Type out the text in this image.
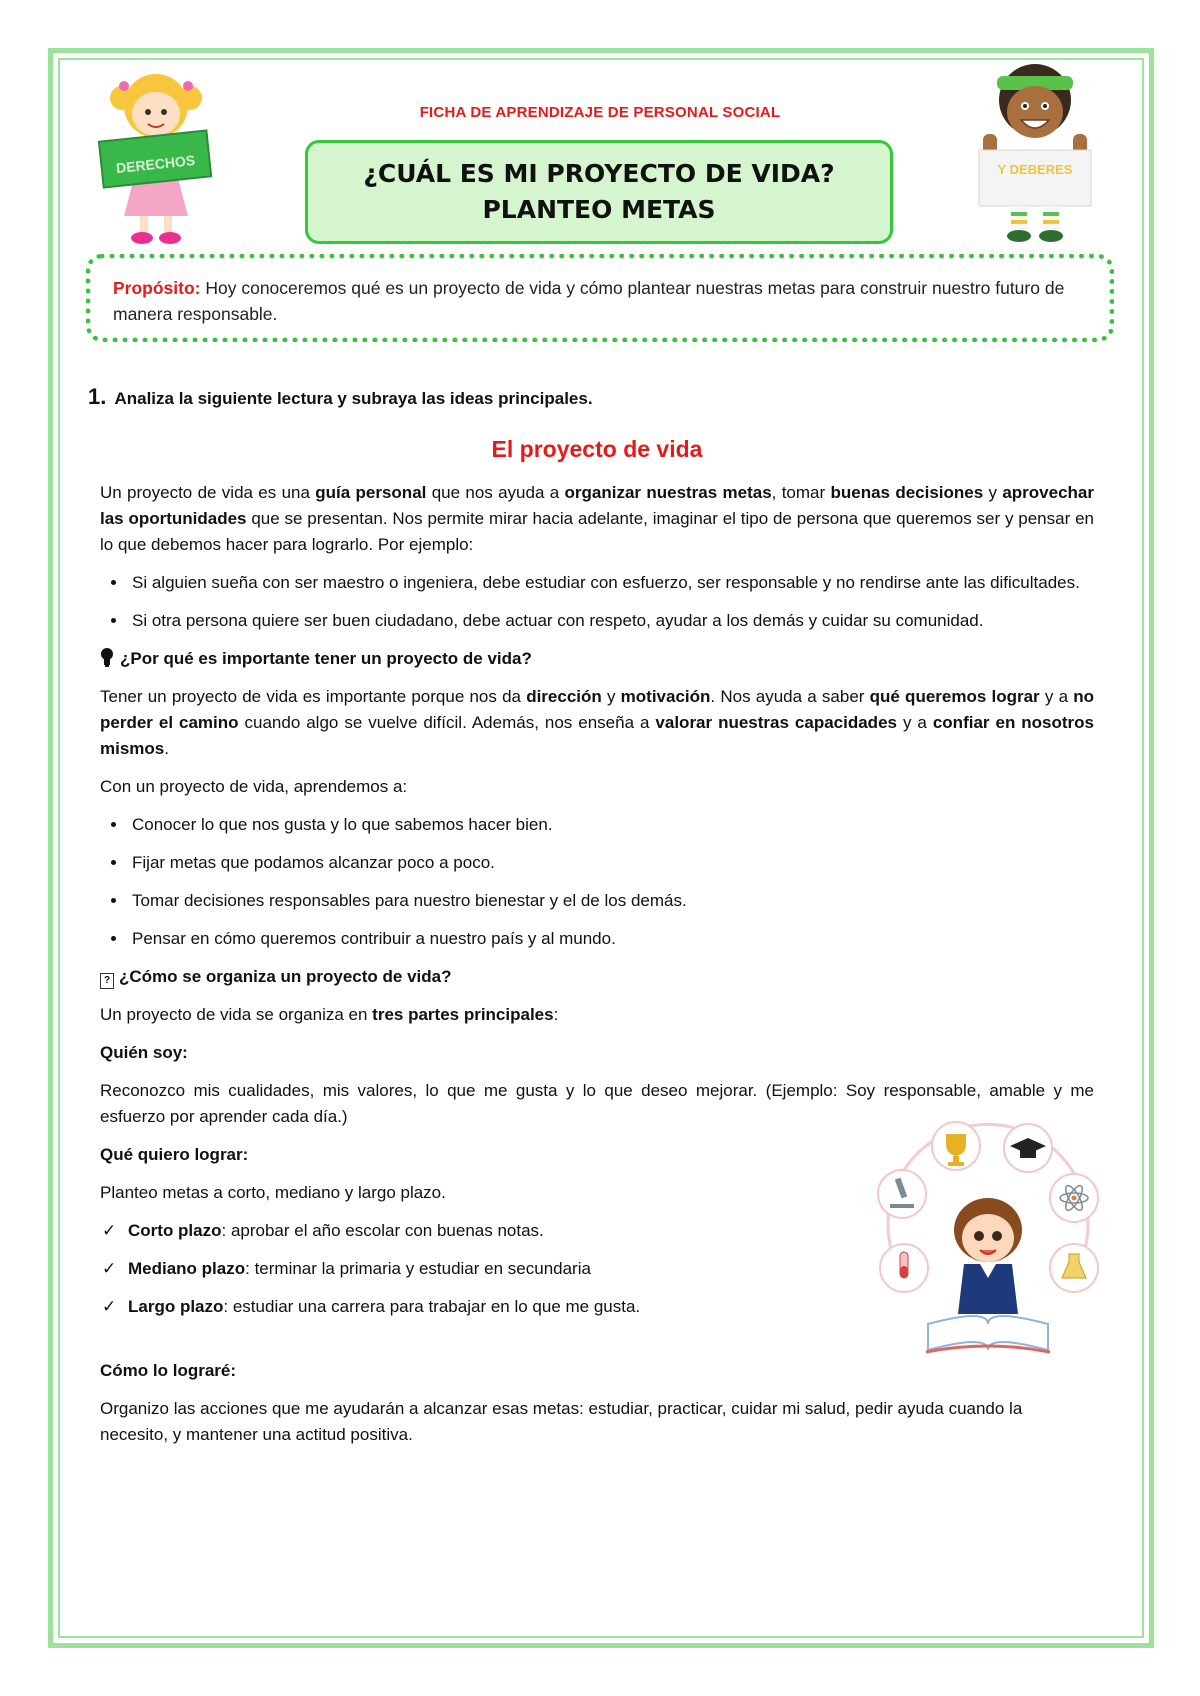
DERECHOS	Y DEBERES
FICHA DE APRENDIZAJE DE PERSONAL SOCIAL
¿CUÁL ES MI PROYECTO DE VIDA?
PLANTEO METAS
Propósito: Hoy conoceremos qué es un proyecto de vida y cómo plantear nuestras metas para construir nuestro futuro de manera responsable.
1. Analiza la siguiente lectura y subraya las ideas principales.
El proyecto de vida

Un proyecto de vida es una guía personal que nos ayuda a organizar nuestras metas, tomar buenas decisiones y aprovechar las oportunidades que se presentan. Nos permite mirar hacia adelante, imaginar el tipo de persona que queremos ser y pensar en lo que debemos hacer para lograrlo. Por ejemplo:

• Si alguien sueña con ser maestro o ingeniera, debe estudiar con esfuerzo, ser responsable y no rendirse ante las dificultades.
• Si otra persona quiere ser buen ciudadano, debe actuar con respeto, ayudar a los demás y cuidar su comunidad.
¿Por qué es importante tener un proyecto de vida?

Tener un proyecto de vida es importante porque nos da dirección y motivación. Nos ayuda a saber qué queremos lograr y a no perder el camino cuando algo se vuelve difícil. Además, nos enseña a valorar nuestras capacidades y a confiar en nosotros mismos.

Con un proyecto de vida, aprendemos a:

• Conocer lo que nos gusta y lo que sabemos hacer bien.
• Fijar metas que podamos alcanzar poco a poco.
• Tomar decisiones responsables para nuestro bienestar y el de los demás.
• Pensar en cómo queremos contribuir a nuestro país y al mundo.
? ¿Cómo se organiza un proyecto de vida?

Un proyecto de vida se organiza en tres partes principales:

Quién soy:

Reconozco mis cualidades, mis valores, lo que me gusta y lo que deseo mejorar. (Ejemplo: Soy responsable, amable y me esfuerzo por aprender cada día.)

Qué quiero lograr:

Planteo metas a corto, mediano y largo plazo.

✓ Corto plazo: aprobar el año escolar con buenas notas.
✓ Mediano plazo: terminar la primaria y estudiar en secundaria
✓ Largo plazo: estudiar una carrera para trabajar en lo que me gusta.
Cómo lo lograré:

Organizo las acciones que me ayudarán a alcanzar esas metas: estudiar, practicar, cuidar mi salud, pedir ayuda cuando la necesito, y mantener una actitud positiva.
